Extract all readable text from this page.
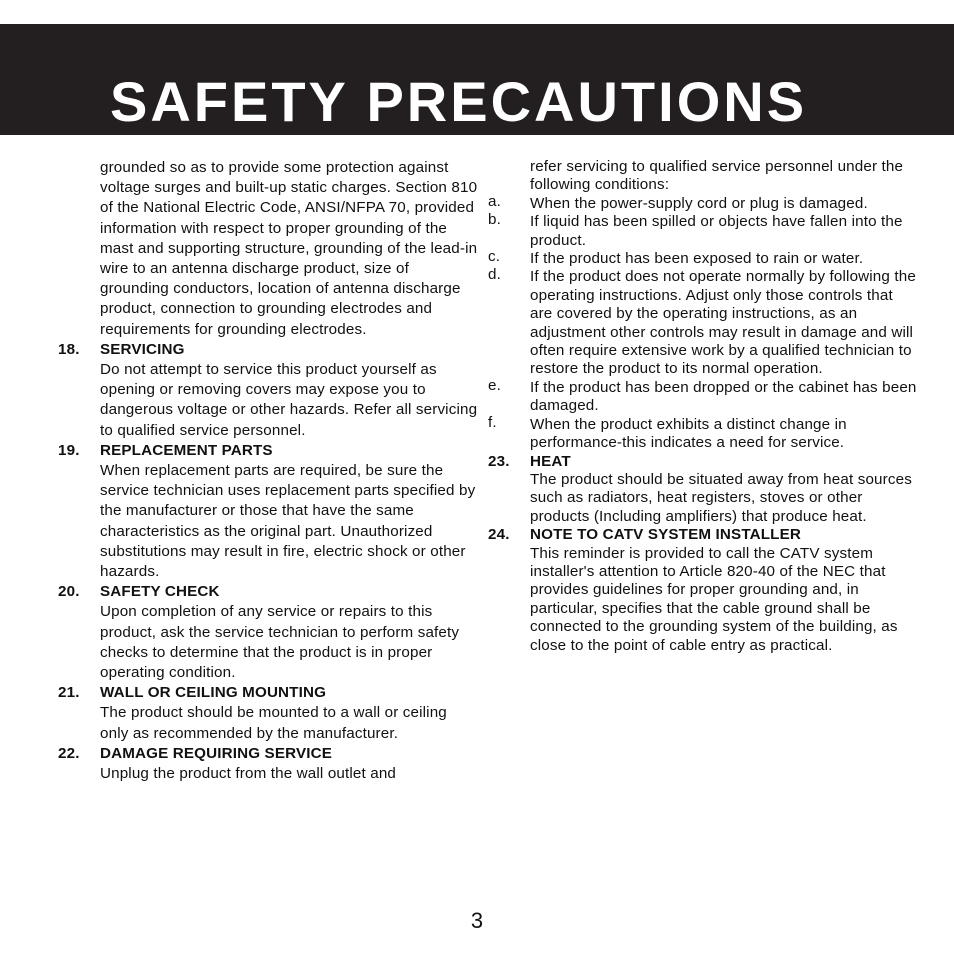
SAFETY PRECAUTIONS

grounded so as to provide some protection against voltage surges and built-up static charges. Section 810 of the National Electric Code, ANSI/NFPA 70, provided information with respect to proper grounding of the mast and supporting structure, grounding of the lead-in wire to an antenna discharge product, size of grounding conductors, location of antenna discharge product, connection to grounding electrodes and requirements for grounding electrodes.

18.	SERVICING
Do not attempt to service this product yourself as opening or removing covers may expose you to dangerous voltage or other hazards. Refer all servicing to qualified service personnel.
19.	REPLACEMENT PARTS
When replacement parts are required, be sure the service technician uses replacement parts specified by the manufacturer or those that have the same characteristics as the original part. Unauthorized substitutions may result in fire, electric shock or other hazards.
20.	SAFETY CHECK
Upon completion of any service or repairs to this product, ask the service technician to perform safety checks to determine that the product is in proper operating condition.
21.	WALL OR CEILING MOUNTING
The product should be mounted to a wall or ceiling only as recommended by the manufacturer.
22.	DAMAGE REQUIRING SERVICE
Unplug the product from the wall outlet and

refer servicing to qualified service personnel under the following conditions:

a.	When the power-supply cord or plug is damaged.
b.	If liquid has been spilled or objects have fallen into the product.
c.	If the product has been exposed to rain or water.
d.	If the product does not operate normally by following the operating instructions. Adjust only those controls that are covered by the operating instructions, as an adjustment other controls may result in damage and will often require extensive work by a qualified technician to restore the product to its normal operation.
e.	If the product has been dropped or the cabinet has been damaged.
f.	When the product exhibits a distinct change in performance-this indicates a need for service.
23.	HEAT
The product should be situated away from heat sources such as radiators, heat registers, stoves or other products (Including amplifiers) that produce heat.
24.	NOTE TO CATV SYSTEM INSTALLER
This reminder is provided to call the CATV system installer's attention to Article 820-40 of the NEC that provides guidelines for proper grounding and, in particular, specifies that the cable ground shall be connected to the grounding system of the building, as close to the point of cable entry as practical.
3
